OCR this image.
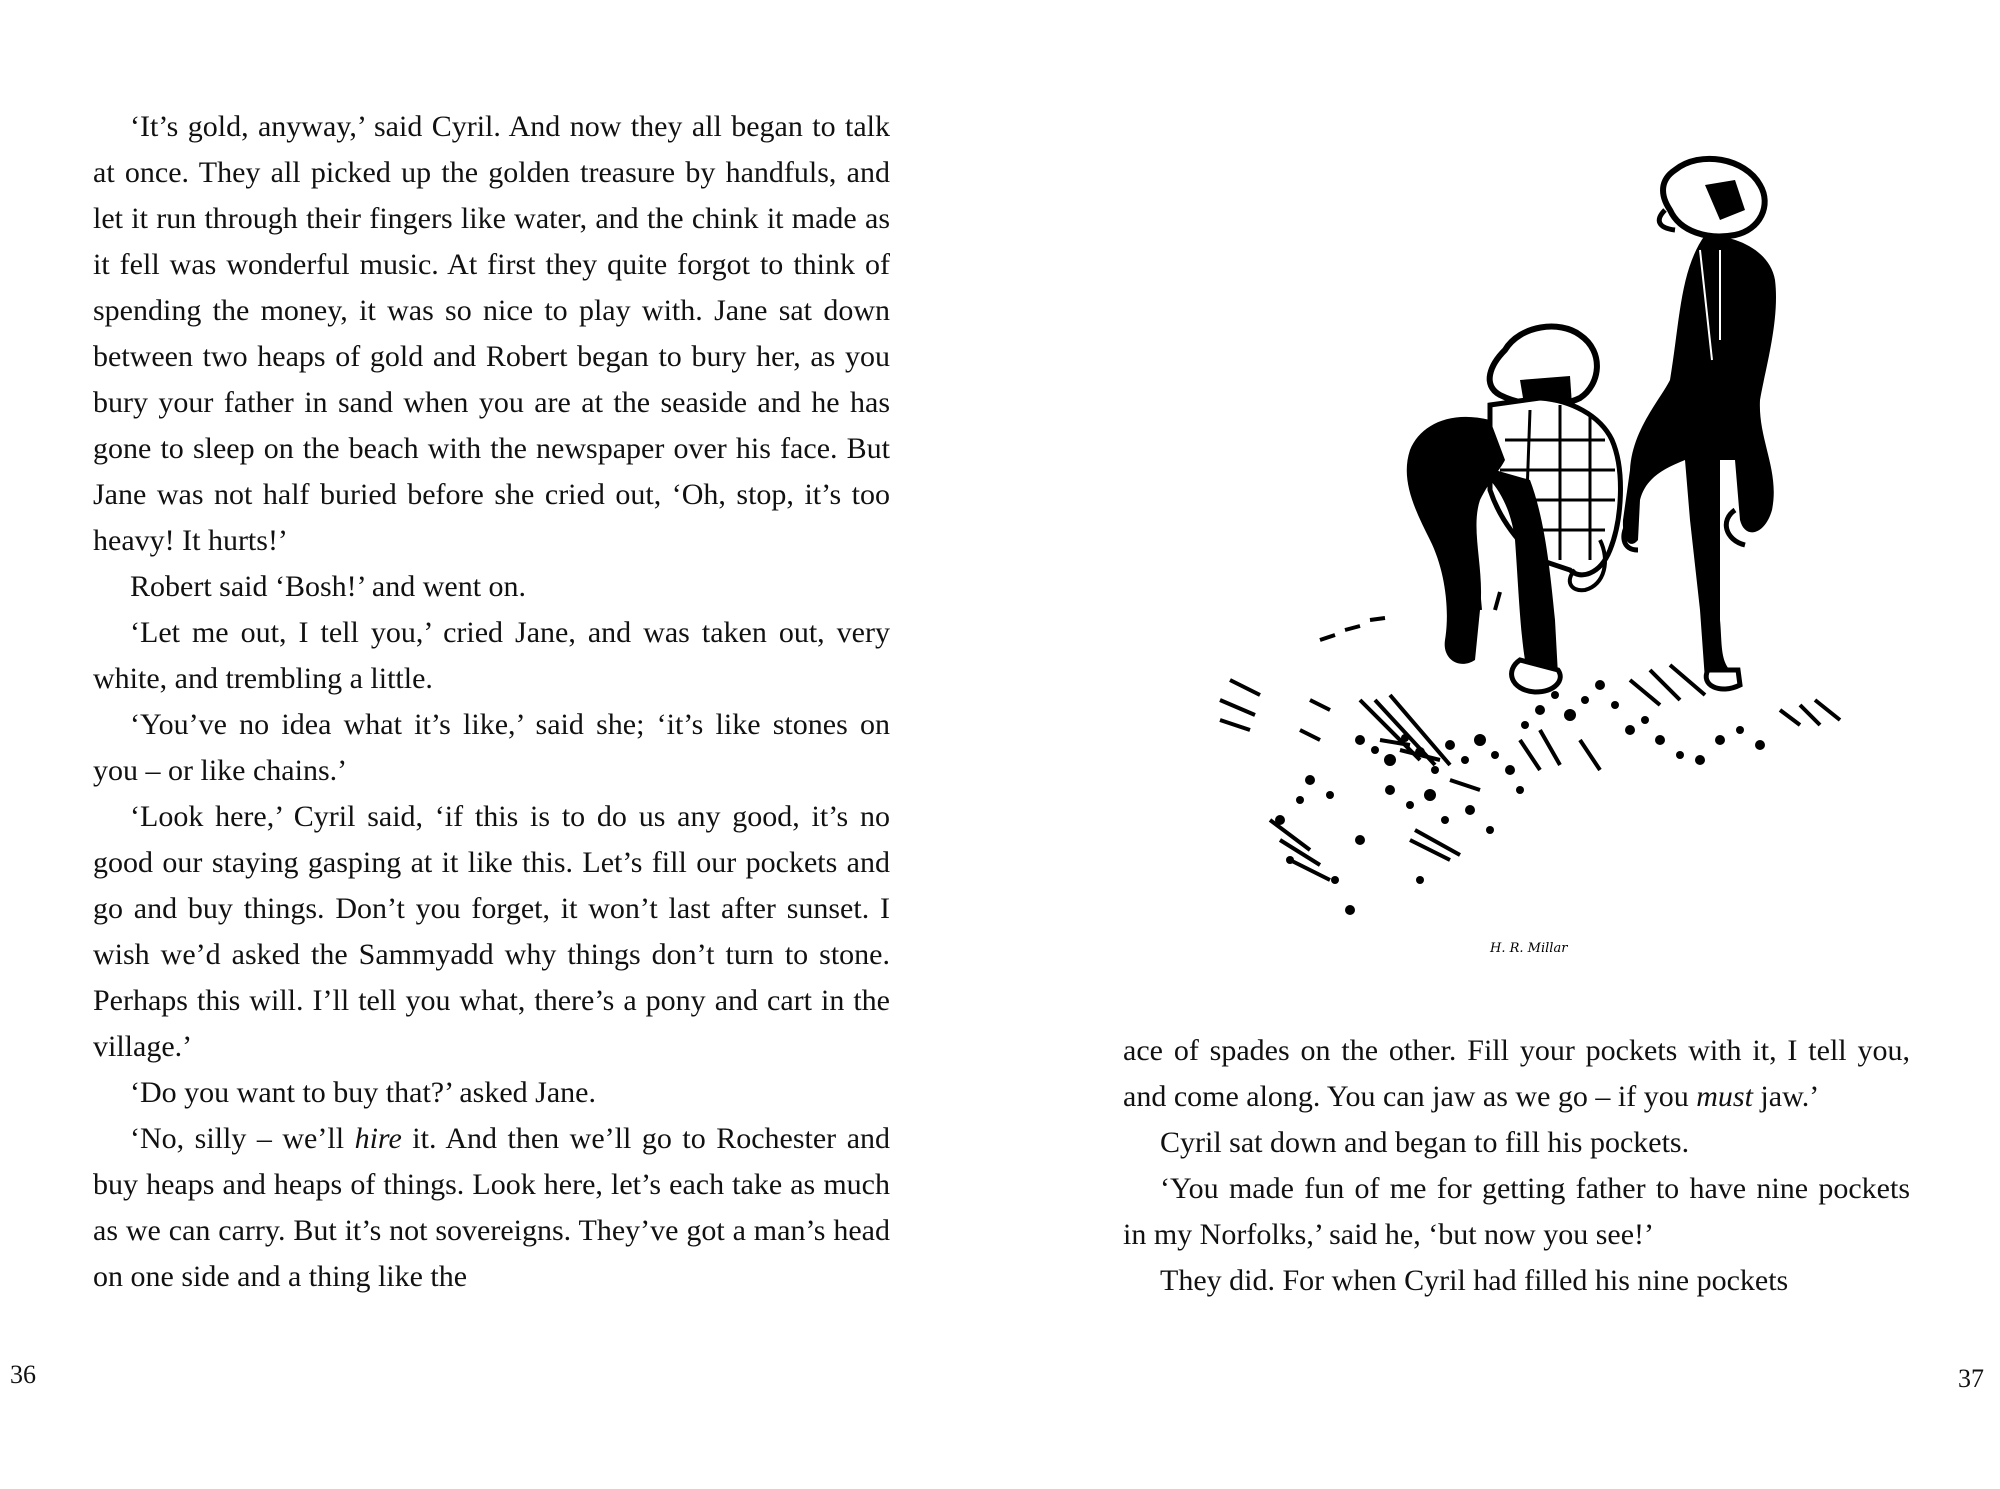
‘It’s gold, anyway,’ said Cyril. And now they all began to talk at once. They all picked up the golden treasure by handfuls, and let it run through their fingers like water, and the chink it made as it fell was wonderful music. At first they quite forgot to think of spending the money, it was so nice to play with. Jane sat down between two heaps of gold and Robert began to bury her, as you bury your father in sand when you are at the seaside and he has gone to sleep on the beach with the newspaper over his face. But Jane was not half buried before she cried out, ‘Oh, stop, it’s too heavy! It hurts!’

Robert said ‘Bosh!’ and went on.

‘Let me out, I tell you,’ cried Jane, and was taken out, very white, and trembling a little.

‘You’ve no idea what it’s like,’ said she; ‘it’s like stones on you – or like chains.’

‘Look here,’ Cyril said, ‘if this is to do us any good, it’s no good our staying gasping at it like this. Let’s fill our pockets and go and buy things. Don’t you forget, it won’t last after sunset. I wish we’d asked the Sammyadd why things don’t turn to stone. Perhaps this will. I’ll tell you what, there’s a pony and cart in the village.’

‘Do you want to buy that?’ asked Jane.

‘No, silly – we’ll hire it. And then we’ll go to Rochester and buy heaps and heaps of things. Look here, let’s each take as much as we can carry. But it’s not sovereigns. They’ve got a man’s head on one side and a thing like the

36
H. R. Millar

ace of spades on the other. Fill your pockets with it, I tell you, and come along. You can jaw as we go – if you must jaw.’

Cyril sat down and began to fill his pockets.

‘You made fun of me for getting father to have nine pockets in my Norfolks,’ said he, ‘but now you see!’

They did. For when Cyril had filled his nine pockets

37
